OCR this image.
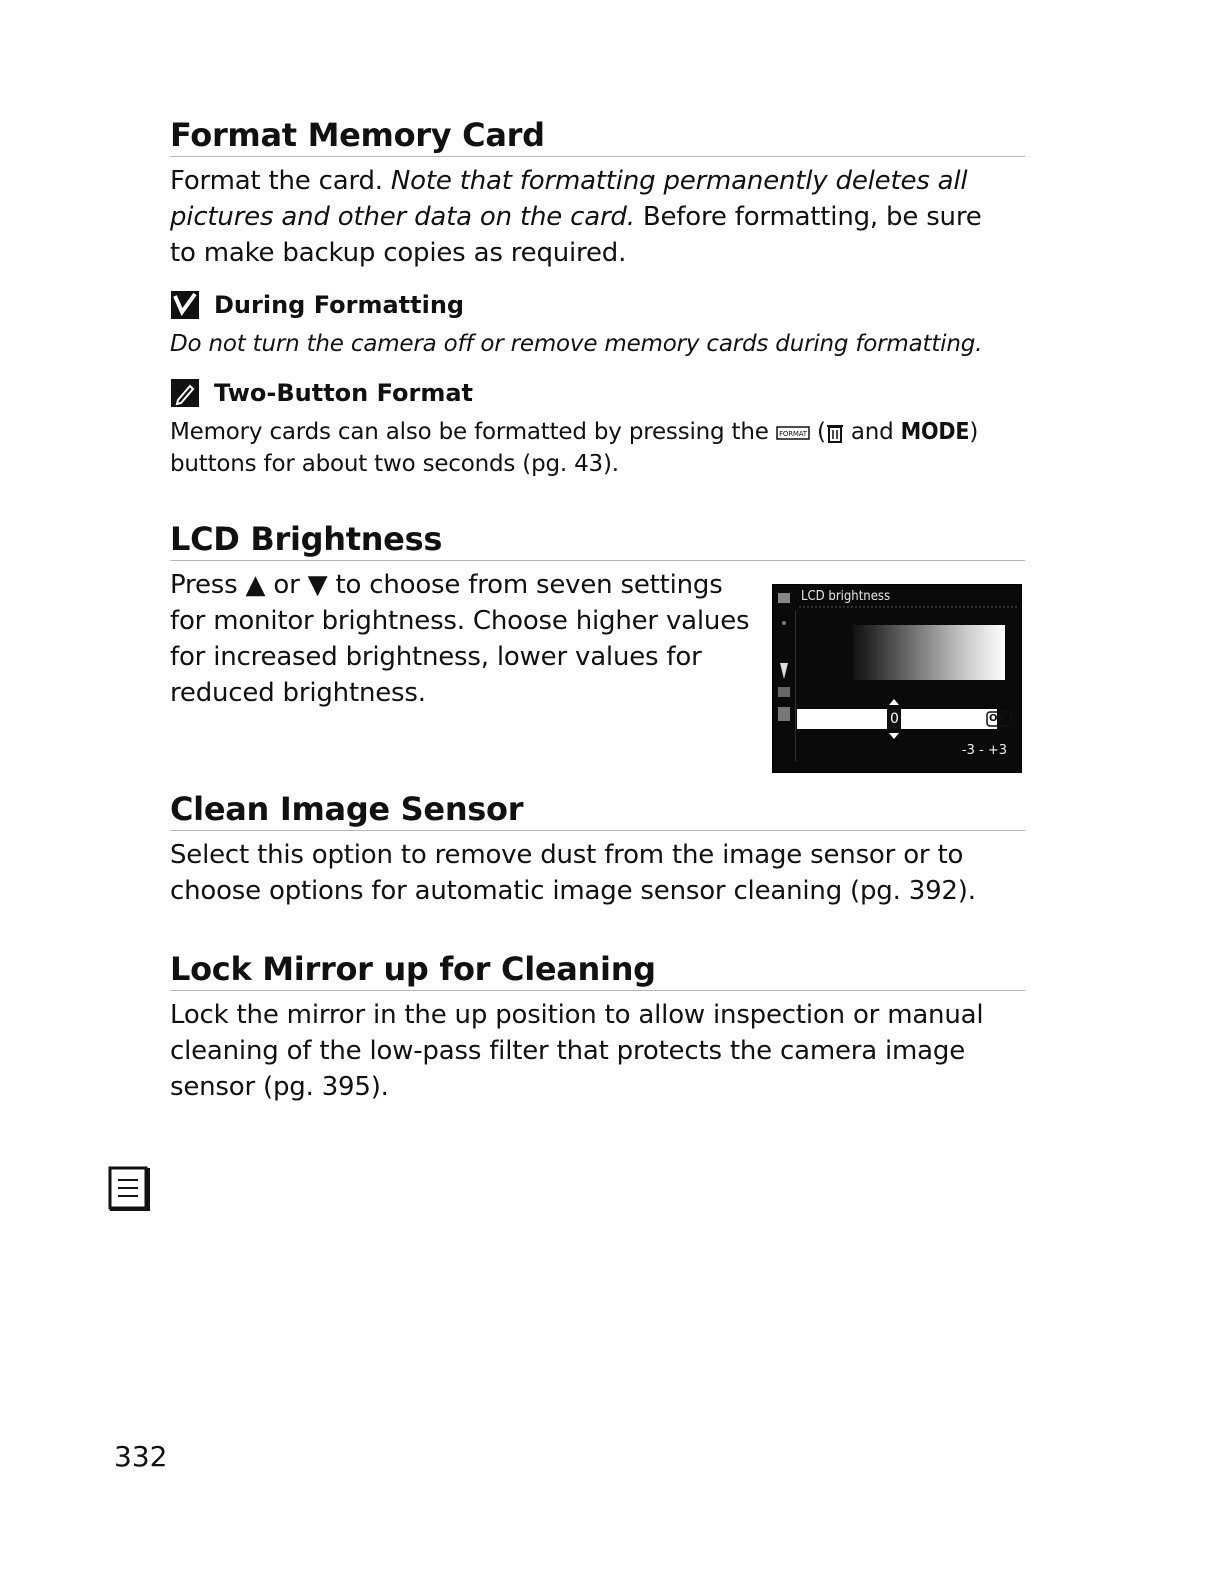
Format Memory Card

Format the card. Note that formatting permanently deletes all pictures and other data on the card. Before formatting, be sure to make backup copies as required.

During Formatting

Do not turn the camera off or remove memory cards during formatting.

Two-Button Format

Memory cards can also be formatted by pressing the FORMAT ( and MODE) buttons for about two seconds (pg. 43).

LCD Brightness

Press ▲ or ▼ to choose from seven settings for monitor brightness. Choose higher values for increased brightness, lower values for reduced brightness.

LCD brightness
0	OK
-3 - +3
Clean Image Sensor

Select this option to remove dust from the image sensor or to choose options for automatic image sensor cleaning (pg. 392).

Lock Mirror up for Cleaning

Lock the mirror in the up position to allow inspection or manual cleaning of the low-pass filter that protects the camera image sensor (pg. 395).

332
